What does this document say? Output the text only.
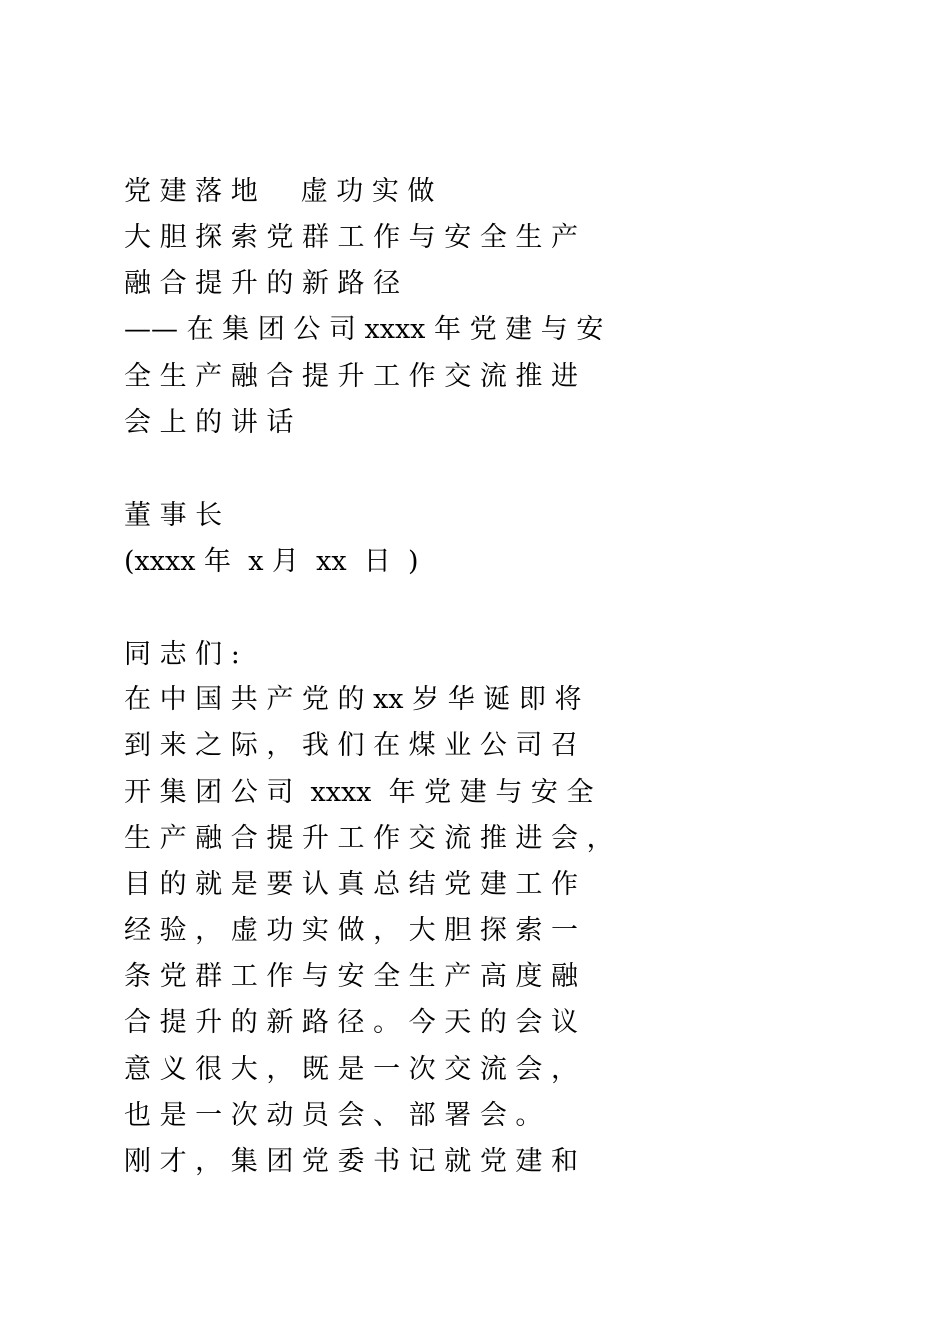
党 建 落 地     虚 功 实 做
大 胆 探 索 党 群 工 作 与 安 全 生 产
融 合 提 升 的 新 路 径
—— 在 集 团 公 司 xxxx 年 党 建 与 安
全 生 产 融 合 提 升 工 作 交 流 推 进
会 上 的 讲 话
董 事 长
(xxxx 年  x 月  xx  日  )
同 志 们 :
在 中 国 共 产 党 的 xx 岁 华 诞 即 将
到 来 之 际 ， 我 们 在 煤 业 公 司 召
开 集 团 公 司  xxxx  年 党 建 与 安 全
生 产 融 合 提 升 工 作 交 流 推 进 会 ，
目 的 就 是 要 认 真 总 结 党 建 工 作
经 验 ， 虚 功 实 做 ， 大 胆 探 索 一
条 党 群 工 作 与 安 全 生 产 高 度 融
合 提 升 的 新 路 径 。 今 天 的 会 议
意 义 很 大 ， 既 是 一 次 交 流 会 ，
也 是 一 次 动 员 会 、 部 署 会 。
刚 才 ， 集 团 党 委 书 记 就 党 建 和
